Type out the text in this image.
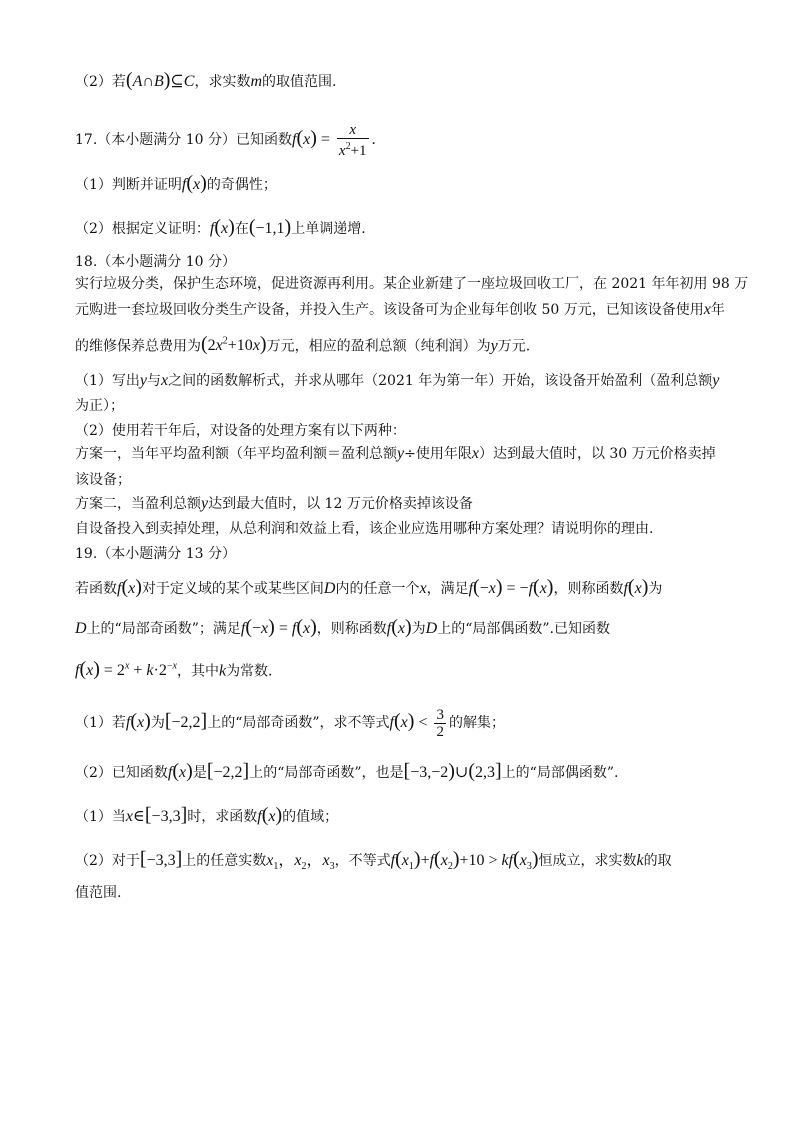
（2）若(A∩B)⊆C，求实数m的取值范围.
17.（本小题满分 10 分）已知函数$f(x) = \frac{x}{x^2+1}$ .
（1）判断并证明f(x)的奇偶性；
（2）根据定义证明：f(x)在(−1,1)上单调递增.
18.（本小题满分 10 分）
实行垃圾分类，保护生态环境，促进资源再利用。某企业新建了一座垃圾回收工厂，在 2021 年年初用 98 万
元购进一套垃圾回收分类生产设备，并投入生产。该设备可为企业每年创收 50 万元，已知该设备使用x年
的维修保养总费用为$(2x^2+10x)$万元，相应的盈利总额（纯利润）为y万元.
（1）写出y与x之间的函数解析式，并求从哪年（2021 年为第一年）开始，该设备开始盈利（盈利总额y
为正）；
（2）使用若干年后，对设备的处理方案有以下两种：
方案一，当年平均盈利额（年平均盈利额＝盈利总额y÷使用年限x）达到最大值时，以 30 万元价格卖掉
该设备；
方案二，当盈利总额y达到最大值时，以 12 万元价格卖掉该设备
自设备投入到卖掉处理，从总利润和效益上看，该企业应选用哪种方案处理？请说明你的理由.
19.（本小题满分 13 分）
若函数f(x)对于定义域的某个或某些区间D内的任意一个x，满足f(−x) = −f(x)，则称函数f(x)为
D上的“局部奇函数”；满足f(−x) = f(x)，则称函数f(x)为D上的“局部偶函数”.已知函数
$f(x) = 2^x + k\cdot 2^{-x}$，其中k为常数.
（1）若f(x)为[−2,2]上的“局部奇函数”，求不等式$f(x) < \frac{3}{2}$ 的解集；
（2）已知函数f(x)是[−2,2]上的“局部奇函数”，也是[−3,−2)∪(2,3]上的“局部偶函数”.
（1）当x∈[−3,3]时，求函数f(x)的值域；
（2）对于[−3,3]上的任意实数$x_1$，$x_2$，$x_3$，不等式$f(x_1)+f(x_2)+10 > kf(x_3)$恒成立，求实数k的取
值范围.
